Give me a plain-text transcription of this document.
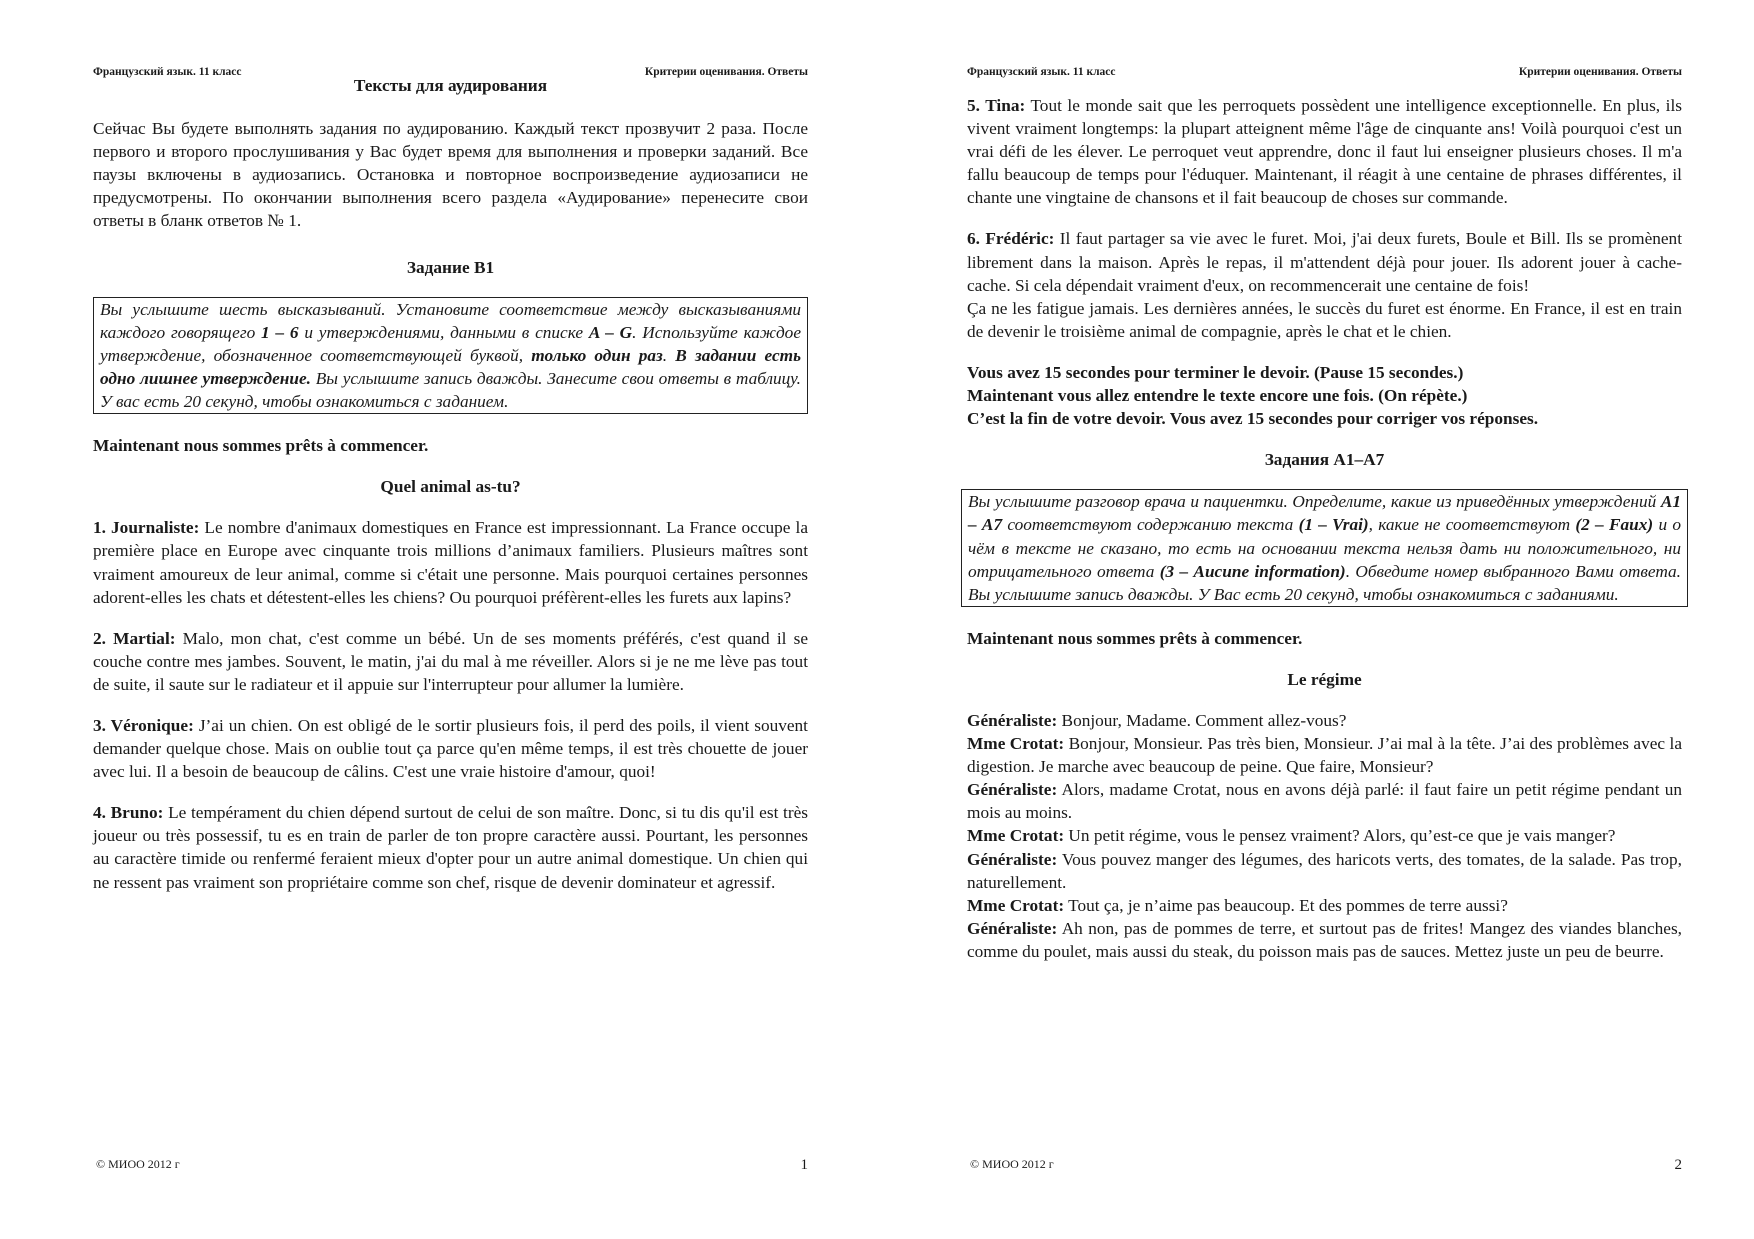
Французский язык. 11 класс	Критерии оценивания. Ответы
Тексты для аудирования

Сейчас Вы будете выполнять задания по аудированию. Каждый текст прозвучит 2 раза. После первого и второго прослушивания у Вас будет время для выполнения и проверки заданий. Все паузы включены в аудиозапись. Остановка и повторное воспроизведение аудиозаписи не предусмотрены. По окончании выполнения всего раздела «Аудирование» перенесите свои ответы в бланк ответов № 1.

Задание В1
Вы услышите шесть высказываний. Установите соответствие между высказываниями каждого говорящего 1 – 6 и утверждениями, данными в списке A – G. Используйте каждое утверждение, обозначенное соответствующей буквой, только один раз. В задании есть одно лишнее утверждение. Вы услышите запись дважды. Занесите свои ответы в таблицу. У вас есть 20 секунд, чтобы ознакомиться с заданием.
Maintenant nous sommes prêts à commencer.
Quel animal as-tu?

1. Journaliste: Le nombre d'animaux domestiques en France est impressionnant. La France occupe la première place en Europe avec cinquante trois millions d’animaux familiers. Plusieurs maîtres sont vraiment amoureux de leur animal, comme si c'était une personne. Mais pourquoi certaines personnes adorent-elles les chats et détestent-elles les chiens? Ou pourquoi préfèrent-elles les furets aux lapins?

2. Martial: Malo, mon chat, c'est comme un bébé. Un de ses moments préférés, c'est quand il se couche contre mes jambes. Souvent, le matin, j'ai du mal à me réveiller. Alors si je ne me lève pas tout de suite, il saute sur le radiateur et il appuie sur l'interrupteur pour allumer la lumière.

3. Véronique: J’ai un chien. On est obligé de le sortir plusieurs fois, il perd des poils, il vient souvent demander quelque chose. Mais on oublie tout ça parce qu'en même temps, il est très chouette de jouer avec lui. Il a besoin de beaucoup de câlins. C'est une vraie histoire d'amour, quoi!

4. Bruno: Le tempérament du chien dépend surtout de celui de son maître. Donc, si tu dis qu'il est très joueur ou très possessif, tu es en train de parler de ton propre caractère aussi. Pourtant, les personnes au caractère timide ou renfermé feraient mieux d'opter pour un autre animal domestique. Un chien qui ne ressent pas vraiment son propriétaire comme son chef, risque de devenir dominateur et agressif.

© МИОО 2012 г	1
Французский язык. 11 класс	Критерии оценивания. Ответы

5. Tina: Tout le monde sait que les perroquets possèdent une intelligence exceptionnelle. En plus, ils vivent vraiment longtemps: la plupart atteignent même l'âge de cinquante ans! Voilà pourquoi c'est un vrai défi de les élever. Le perroquet veut apprendre, donc il faut lui enseigner plusieurs choses. Il m'a fallu beaucoup de temps pour l'éduquer. Maintenant, il réagit à une centaine de phrases différentes, il chante une vingtaine de chansons et il fait beaucoup de choses sur commande.

6. Frédéric: Il faut partager sa vie avec le furet. Moi, j'ai deux furets, Boule et Bill. Ils se promènent librement dans la maison. Après le repas, il m'attendent déjà pour jouer. Ils adorent jouer à cache-cache. Si cela dépendait vraiment d'eux, on recommencerait une centaine de fois!

Ça ne les fatigue jamais. Les dernières années, le succès du furet est énorme. En France, il est en train de devenir le troisième animal de compagnie, après le chat et le chien.

Vous avez 15 secondes pour terminer le devoir. (Pause 15 secondes.)
Maintenant vous allez entendre le texte encore une fois. (On répète.)
C’est la fin de votre devoir. Vous avez 15 secondes pour corriger vos réponses.
Задания А1–А7
Вы услышите разговор врача и пациентки. Определите, какие из приведённых утверждений А1 – А7 соответствуют содержанию текста (1 – Vrai), какие не соответствуют (2 – Faux) и о чём в тексте не сказано, то есть на основании текста нельзя дать ни положительного, ни отрицательного ответа (3 – Aucune information). Обведите номер выбранного Вами ответа. Вы услышите запись дважды. У Вас есть 20 секунд, чтобы ознакомиться с заданиями.
Maintenant nous sommes prêts à commencer.
Le régime

Généraliste: Bonjour, Madame. Comment allez-vous?

Mme Crotat: Bonjour, Monsieur. Pas très bien, Monsieur. J’ai mal à la tête. J’ai des problèmes avec la digestion. Je marche avec beaucoup de peine. Que faire, Monsieur?

Généraliste: Alors, madame Crotat, nous en avons déjà parlé: il faut faire un petit régime pendant un mois au moins.

Mme Crotat: Un petit régime, vous le pensez vraiment? Alors, qu’est-ce que je vais manger?

Généraliste: Vous pouvez manger des légumes, des haricots verts, des tomates, de la salade. Pas trop, naturellement.

Mme Crotat: Tout ça, je n’aime pas beaucoup. Et des pommes de terre aussi?

Généraliste: Ah non, pas de pommes de terre, et surtout pas de frites! Mangez des viandes blanches, comme du poulet, mais aussi du steak, du poisson mais pas de sauces. Mettez juste un peu de beurre.

© МИОО 2012 г	2
